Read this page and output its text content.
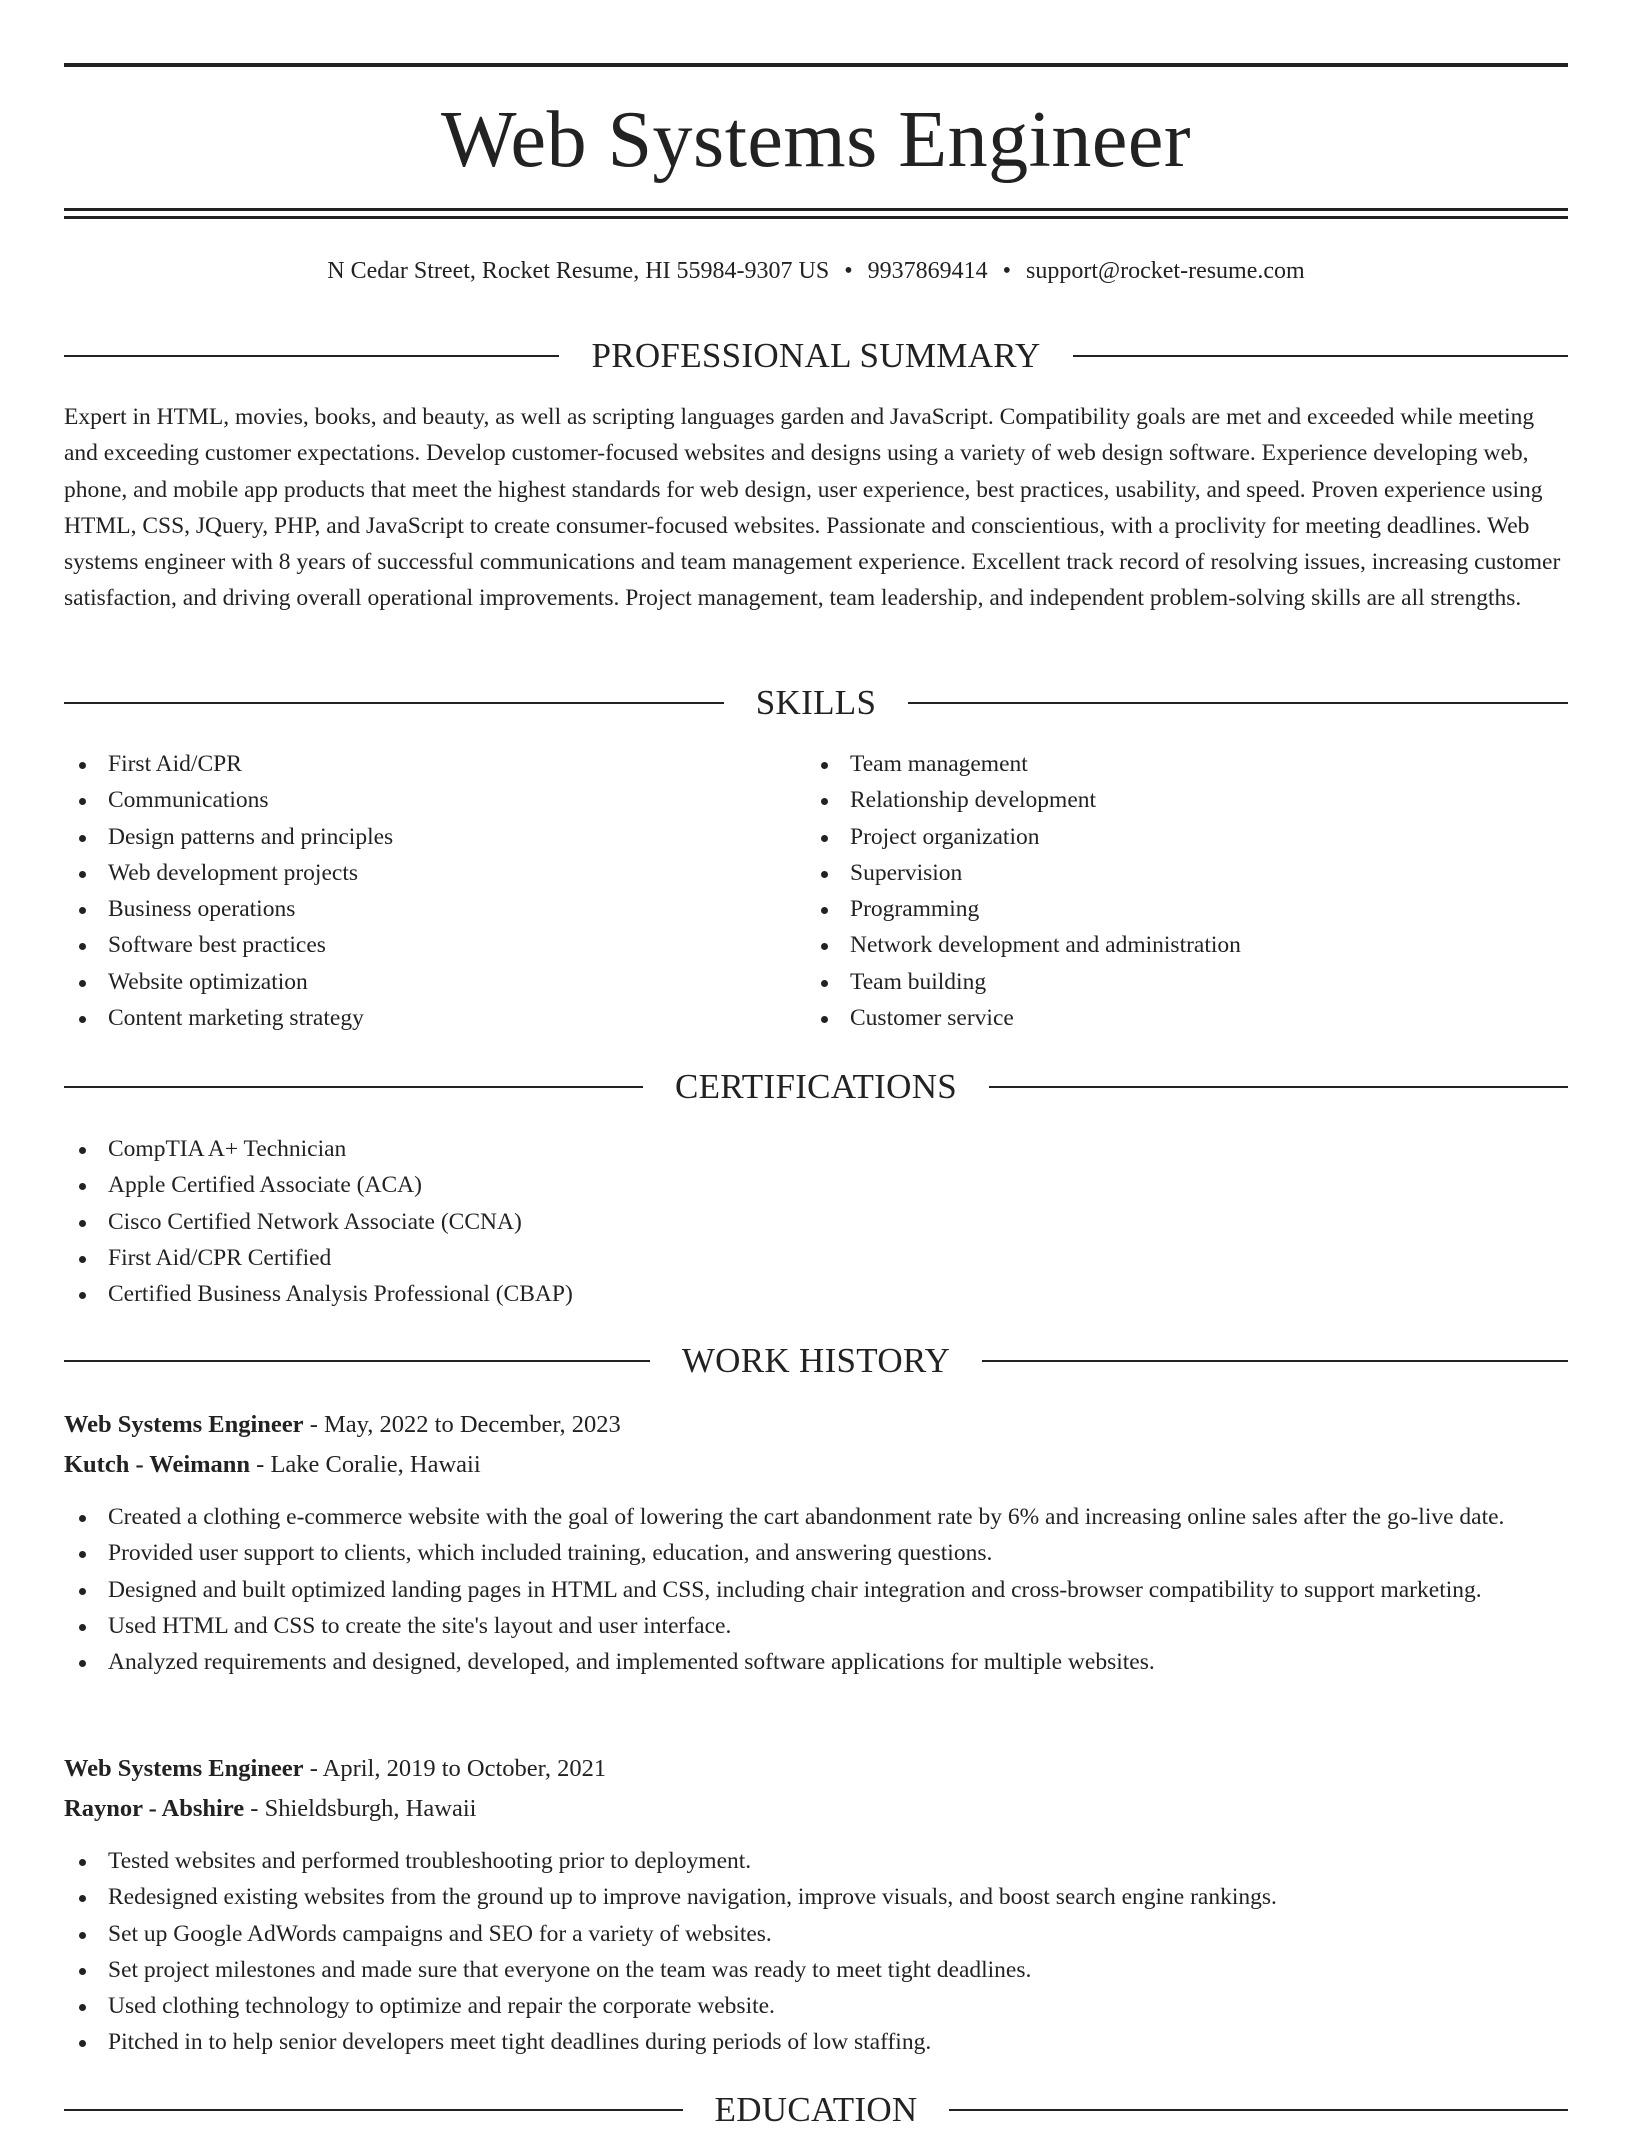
Web Systems Engineer
N Cedar Street, Rocket Resume, HI 55984-9307 US • 9937869414 • support@rocket-resume.com
PROFESSIONAL SUMMARY

Expert in HTML, movies, books, and beauty, as well as scripting languages garden and JavaScript. Compatibility goals are met and exceeded while meeting and exceeding customer expectations. Develop customer-focused websites and designs using a variety of web design software. Experience developing web, phone, and mobile app products that meet the highest standards for web design, user experience, best practices, usability, and speed. Proven experience using HTML, CSS, JQuery, PHP, and JavaScript to create consumer-focused websites. Passionate and conscientious, with a proclivity for meeting deadlines. Web systems engineer with 8 years of successful communications and team management experience. Excellent track record of resolving issues, increasing customer satisfaction, and driving overall operational improvements. Project management, team leadership, and independent problem-solving skills are all strengths.

SKILLS
First Aid/CPR
Communications
Design patterns and principles
Web development projects
Business operations
Software best practices
Website optimization
Content marketing strategy
Team management
Relationship development
Project organization
Supervision
Programming
Network development and administration
Team building
Customer service
CERTIFICATIONS
CompTIA A+ Technician
Apple Certified Associate (ACA)
Cisco Certified Network Associate (CCNA)
First Aid/CPR Certified
Certified Business Analysis Professional (CBAP)
WORK HISTORY
Web Systems Engineer - May, 2022 to December, 2023
Kutch - Weimann - Lake Coralie, Hawaii
Created a clothing e-commerce website with the goal of lowering the cart abandonment rate by 6% and increasing online sales after the go-live date.
Provided user support to clients, which included training, education, and answering questions.
Designed and built optimized landing pages in HTML and CSS, including chair integration and cross-browser compatibility to support marketing.
Used HTML and CSS to create the site's layout and user interface.
Analyzed requirements and designed, developed, and implemented software applications for multiple websites.
Web Systems Engineer - April, 2019 to October, 2021
Raynor - Abshire - Shieldsburgh, Hawaii
Tested websites and performed troubleshooting prior to deployment.
Redesigned existing websites from the ground up to improve navigation, improve visuals, and boost search engine rankings.
Set up Google AdWords campaigns and SEO for a variety of websites.
Set project milestones and made sure that everyone on the team was ready to meet tight deadlines.
Used clothing technology to optimize and repair the corporate website.
Pitched in to help senior developers meet tight deadlines during periods of low staffing.
EDUCATION
